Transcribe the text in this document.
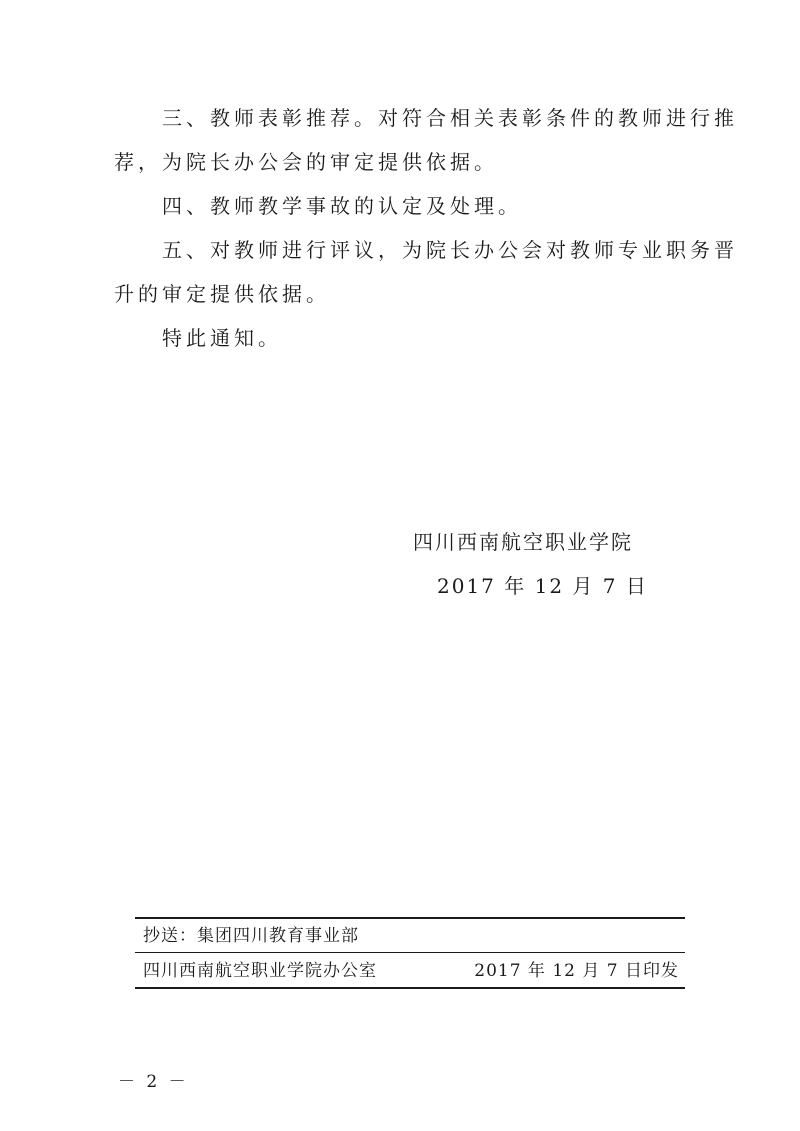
三、教师表彰推荐。对符合相关表彰条件的教师进行推
荐，为院长办公会的审定提供依据。
四、教师教学事故的认定及处理。
五、对教师进行评议，为院长办公会对教师专业职务晋
升的审定提供依据。
特此通知。
四川西南航空职业学院
2017 年 12 月 7 日
抄送：集团四川教育事业部
四川西南航空职业学院办公室	2017 年 12 月 7 日印发
－ 2 －
